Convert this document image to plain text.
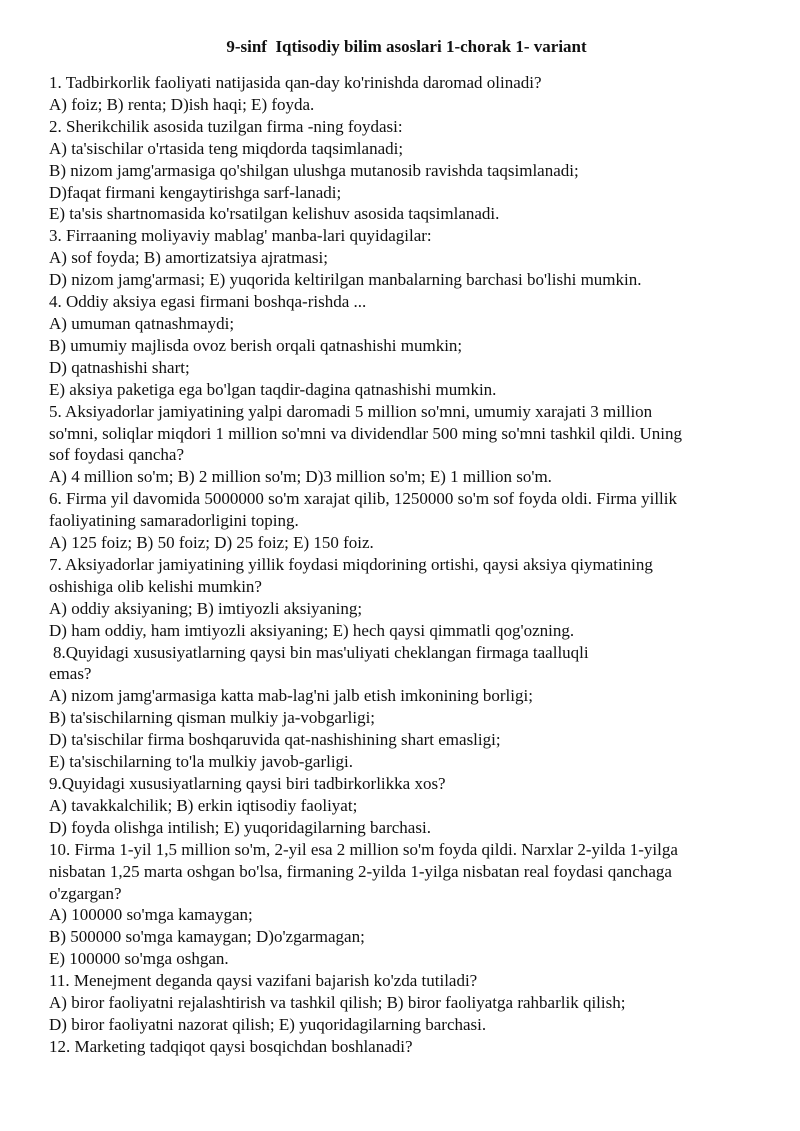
9-sinf  Iqtisodiy bilim asoslari 1-chorak 1- variant
1. Tadbirkorlik faoliyati natijasida qan-day ko'rinishda daromad olinadi?
A) foiz; B) renta; D)ish haqi; E) foyda.
2. Sherikchilik asosida tuzilgan firma -ning foydasi:
A) ta'sischilar o'rtasida teng miqdorda taqsimlanadi;
B) nizom jamg'armasiga qo'shilgan ulushga mutanosib ravishda taqsimlanadi;
D)faqat firmani kengaytirishga sarf-lanadi;
E) ta'sis shartnomasida ko'rsatilgan kelishuv asosida taqsimlanadi.
3. Firraaning moliyaviy mablag' manba-lari quyidagilar:
A) sof foyda; B) amortizatsiya ajratmasi;
D) nizom jamg'armasi; E) yuqorida keltirilgan manbalarning barchasi bo'lishi mumkin.
4. Oddiy aksiya egasi firmani boshqa-rishda ...
A) umuman qatnashmaydi;
B) umumiy majlisda ovoz berish orqali qatnashishi mumkin;
D) qatnashishi shart;
E) aksiya paketiga ega bo'lgan taqdir-dagina qatnashishi mumkin.
5. Aksiyadorlar jamiyatining yalpi daromadi 5 million so'mni, umumiy xarajati 3 million
so'mni, soliqlar miqdori 1 million so'mni va dividendlar 500 ming so'mni tashkil qildi. Uning
sof foydasi qancha?
A) 4 million so'm; B) 2 million so'm; D)3 million so'm; E) 1 million so'm.
6. Firma yil davomida 5000000 so'm xarajat qilib, 1250000 so'm sof foyda oldi. Firma yillik
faoliyatining samaradorligini toping.
A) 125 foiz; B) 50 foiz; D) 25 foiz; E) 150 foiz.
7. Aksiyadorlar jamiyatining yillik foydasi miqdorining ortishi, qaysi aksiya qiymatining
oshishiga olib kelishi mumkin?
A) oddiy aksiyaning; B) imtiyozli aksiyaning;
D) ham oddiy, ham imtiyozli aksiyaning; E) hech qaysi qimmatli qog'ozning.
8.Quyidagi xususiyatlarning qaysi bin mas'uliyati cheklangan firmaga taalluqli
emas?
A) nizom jamg'armasiga katta mab-lag'ni jalb etish imkonining borligi;
B) ta'sischilarning qisman mulkiy ja-vobgarligi;
D) ta'sischilar firma boshqaruvida qat-nashishining shart emasligi;
E) ta'sischilarning to'la mulkiy javob-garligi.
9.Quyidagi xususiyatlarning qaysi biri tadbirkorlikka xos?
A) tavakkalchilik; B) erkin iqtisodiy faoliyat;
D) foyda olishga intilish; E) yuqoridagilarning barchasi.
10. Firma 1-yil 1,5 million so'm, 2-yil esa 2 million so'm foyda qildi. Narxlar 2-yilda 1-yilga
nisbatan 1,25 marta oshgan bo'lsa, firmaning 2-yilda 1-yilga nisbatan real foydasi qanchaga
o'zgargan?
A) 100000 so'mga kamaygan;
B) 500000 so'mga kamaygan; D)o'zgarmagan;
E) 100000 so'mga oshgan.
11. Menejment deganda qaysi vazifani bajarish ko'zda tutiladi?
A) biror faoliyatni rejalashtirish va tashkil qilish; B) biror faoliyatga rahbarlik qilish;
D) biror faoliyatni nazorat qilish; E) yuqoridagilarning barchasi.
12. Marketing tadqiqot qaysi bosqichdan boshlanadi?
